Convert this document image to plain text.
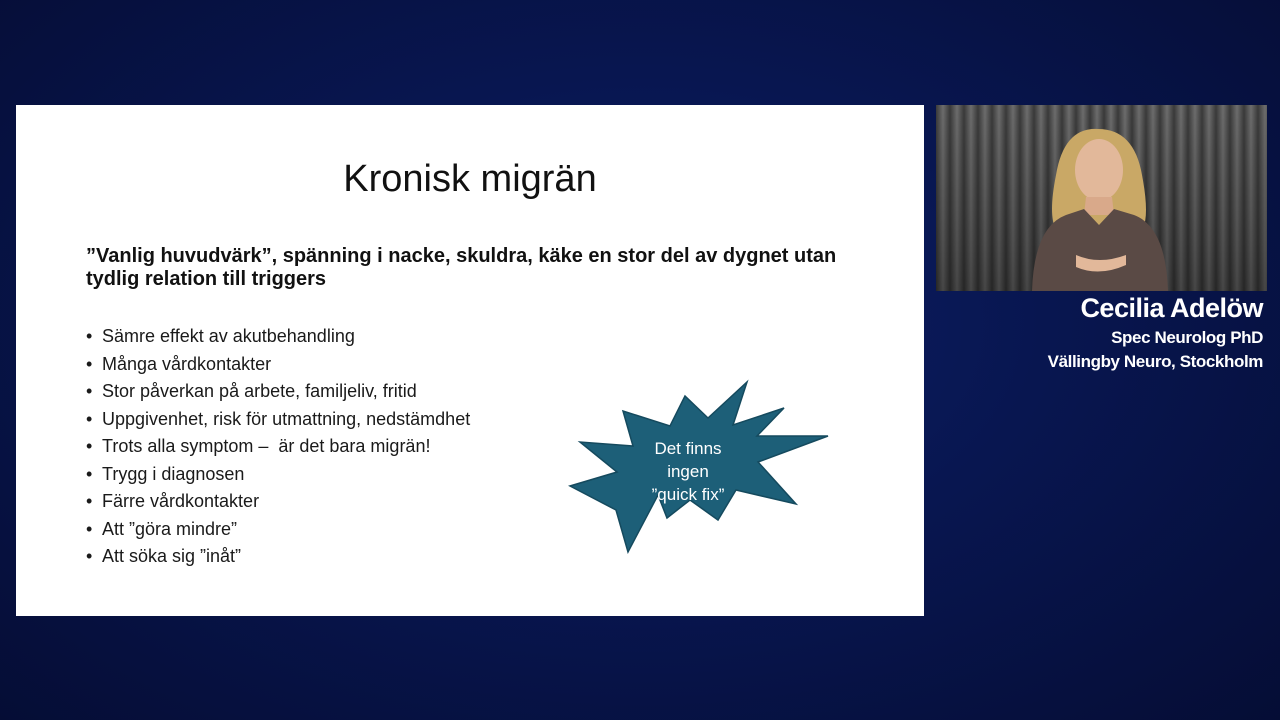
Kronisk migrän
”Vanlig huvudvärk”, spänning i nacke, skuldra, käke en stor del av dygnet utan tydlig relation till triggers
• Sämre effekt av akutbehandling
• Många vårdkontakter
• Stor påverkan på arbete, familjeliv, fritid
• Uppgivenhet, risk för utmattning, nedstämdhet
• Trots alla symptom –  är det bara migrän!
• Trygg i diagnosen
• Färre vårdkontakter
• Att ”göra mindre”
• Att söka sig ”inåt”
Det finns
ingen
”quick fix”
Cecilia Adelöw
Spec Neurolog PhD
Vällingby Neuro, Stockholm
